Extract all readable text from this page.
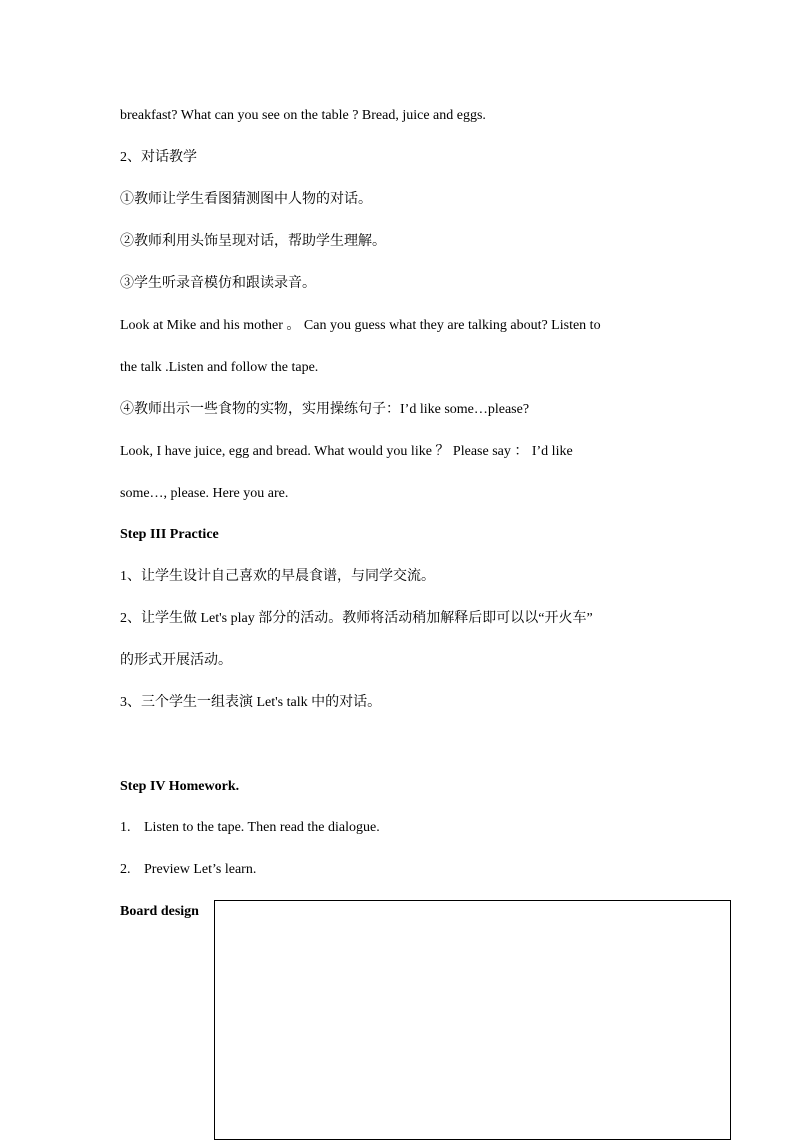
breakfast? What can you see on the table ? Bread, juice and eggs.

2、对话教学

①教师让学生看图猜测图中人物的对话。

②教师利用头饰呈现对话，帮助学生理解。

③学生听录音模仿和跟读录音。

Look at Mike and his mother 。 Can you guess what they are talking about? Listen to

the talk .Listen and follow the tape.

④教师出示一些食物的实物，实用操练句子：I’d like some…please?

Look, I have juice, egg and bread. What would you like ？ Please say ： I’d like

some…, please. Here you are.

Step III Practice

1、让学生设计自己喜欢的早晨食谱，与同学交流。

2、让学生做 Let's play 部分的活动。教师将活动稍加解释后即可以以“开火车”

的形式开展活动。

3、三个学生一组表演 Let's talk 中的对话。

Step IV Homework.

1. Listen to the tape. Then read the dialogue.

2. Preview Let’s learn.

Board design
